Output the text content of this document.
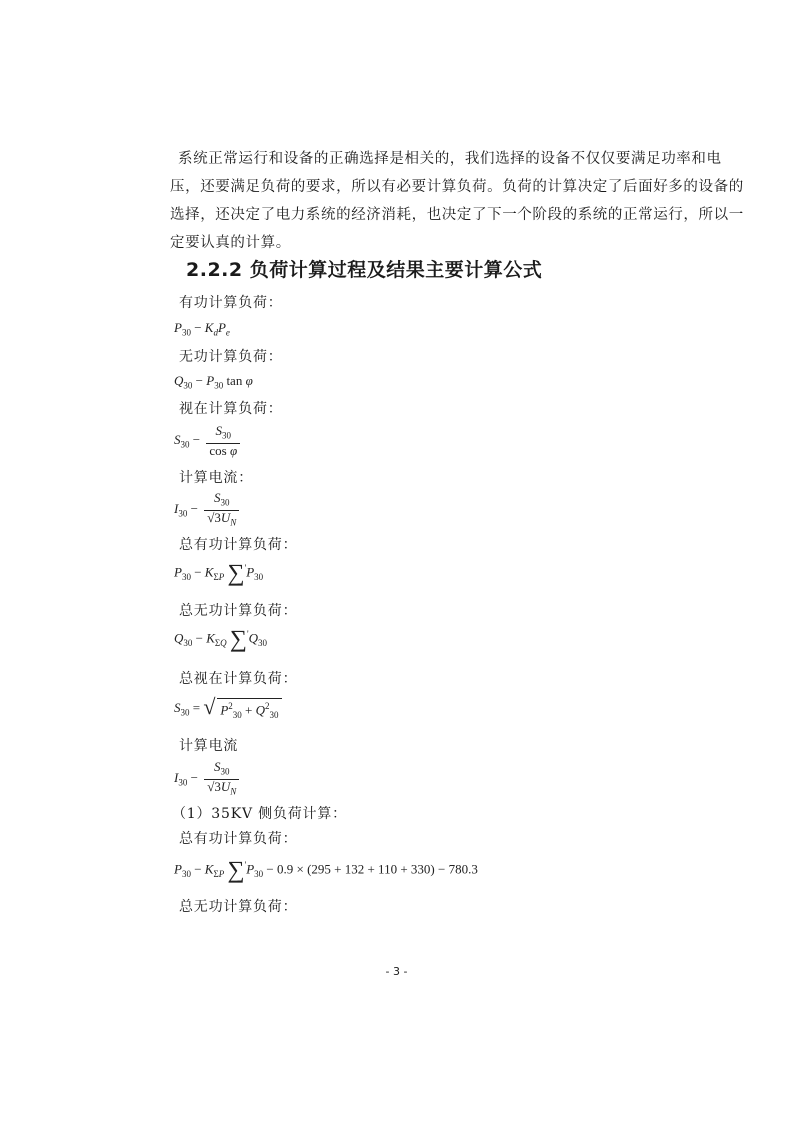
系统正常运行和设备的正确选择是相关的，我们选择的设备不仅仅要满足功率和电
压，还要满足负荷的要求，所以有必要计算负荷。负荷的计算决定了后面好多的设备的
选择，还决定了电力系统的经济消耗，也决定了下一个阶段的系统的正常运行，所以一
定要认真的计算。
2.2.2 负荷计算过程及结果主要计算公式
有功计算负荷：
$P_{30} - K_dP_e$
无功计算负荷：
$Q_{30} - P_{30}$ tan φ
视在计算负荷：
$S_{30} - \frac{S_{30}}{\text{cos φ}}$
计算电流：
$I_{30} - \frac{S_{30}}{√3U_N}$
总有功计算负荷：
$P_{30} - K_{\Sigma P}$ $\sum'P_{30}$
总无功计算负荷：
$Q_{30} - K_{\Sigma Q}$ $\sum'Q_{30}$
总视在计算负荷：
$S_{30}$ = √ $P^2_{30} + Q^2_{30}$
计算电流
$I_{30} - \frac{S_{30}}{√3U_N}$
（1）35KV 侧负荷计算：
总有功计算负荷：
$P_{30} - K_{\Sigma P}$ $\sum'P_{30} - 0.9 \times (295 + 132 + 110 + 330) - 780.3$
总无功计算负荷：
- 3 -
